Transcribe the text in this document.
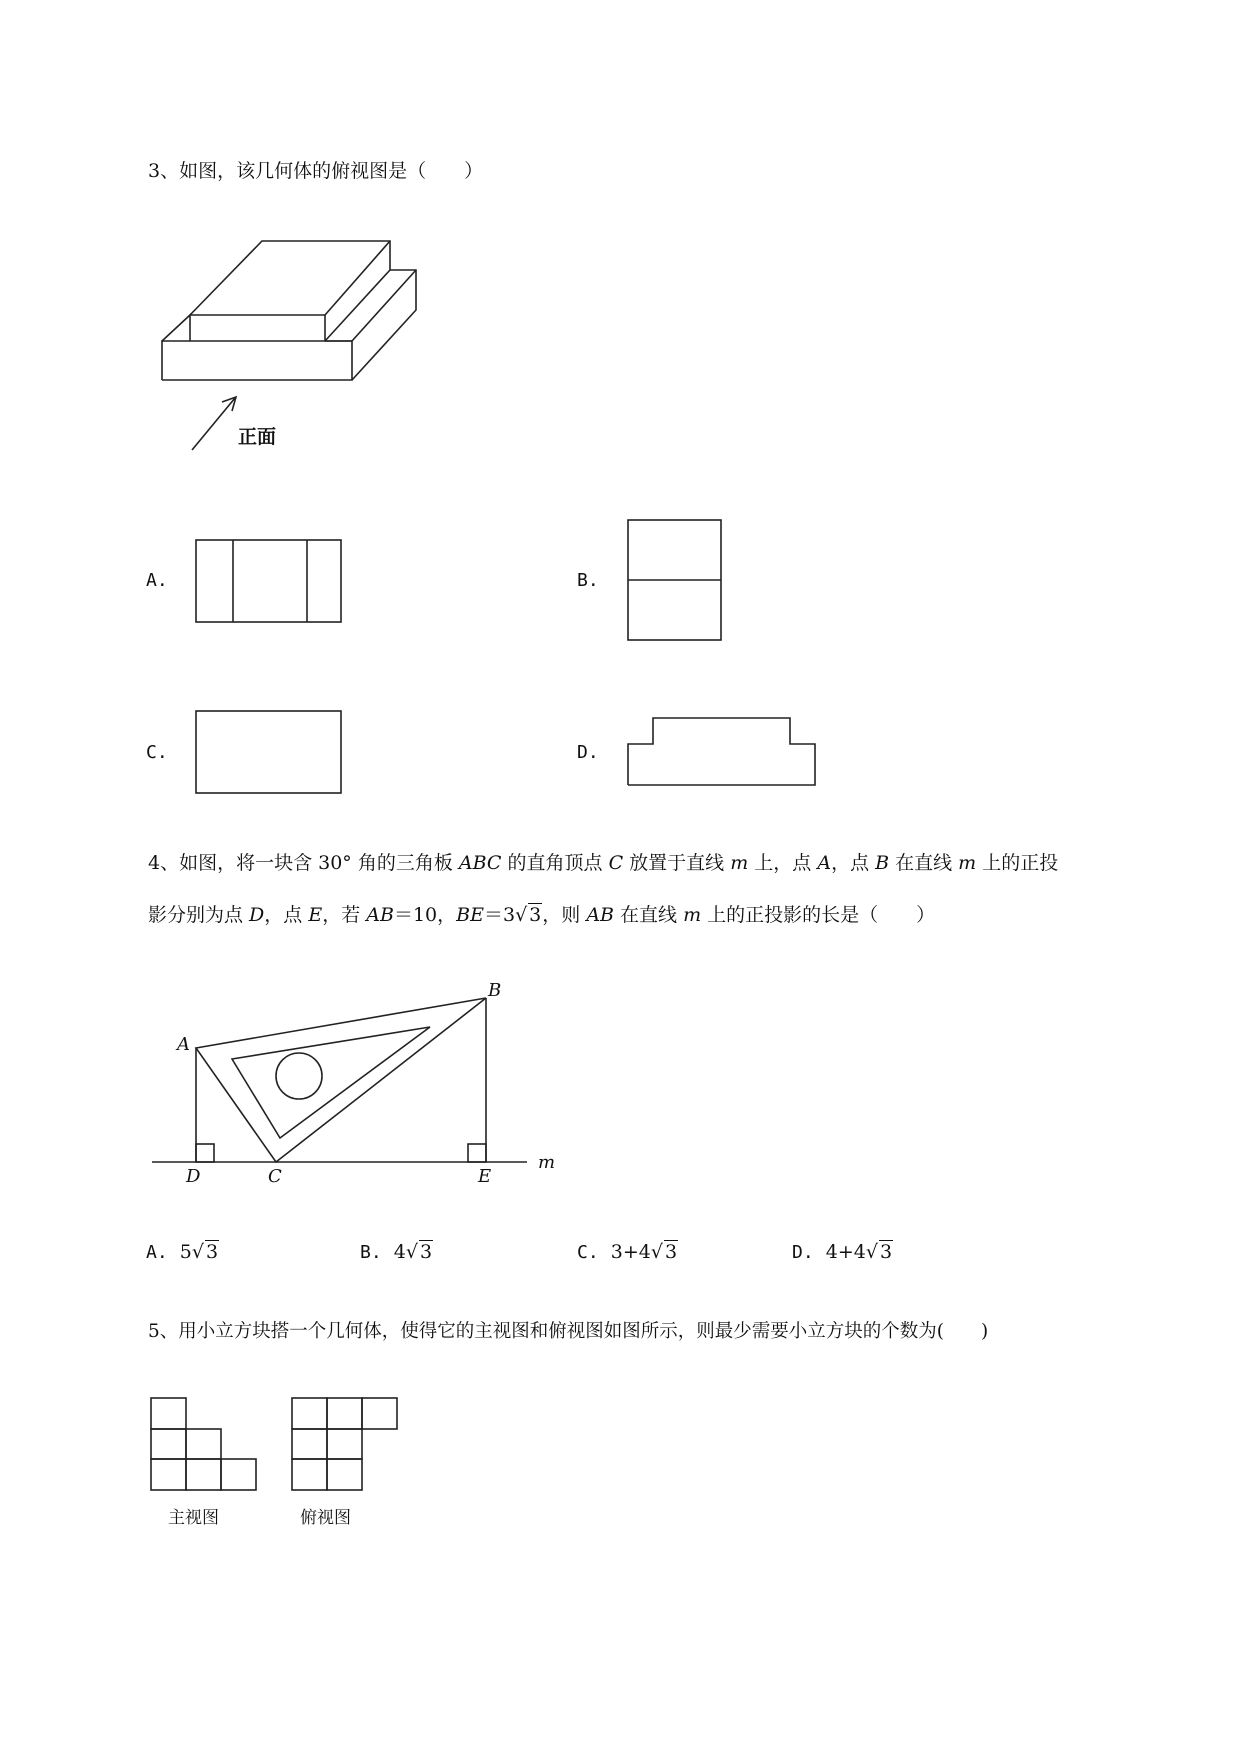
3、如图，该几何体的俯视图是（　　）
正面
A.	B.
C.	D.
4、如图，将一块含 30° 角的三角板 ABC 的直角顶点 C 放置于直线 m 上，点 A，点 B 在直线 m 上的正投
影分别为点 D，点 E，若 AB＝10，BE＝3√ 3，则 AB 在直线 m 上的正投影的长是（　　）
A
B
C
D	E
m
A. 5√ 3	B. 4√ 3	C. 3+4√ 3	D. 4+4√ 3
5、用小立方块搭一个几何体，使得它的主视图和俯视图如图所示，则最少需要小立方块的个数为(　　)
主视图	俯视图
